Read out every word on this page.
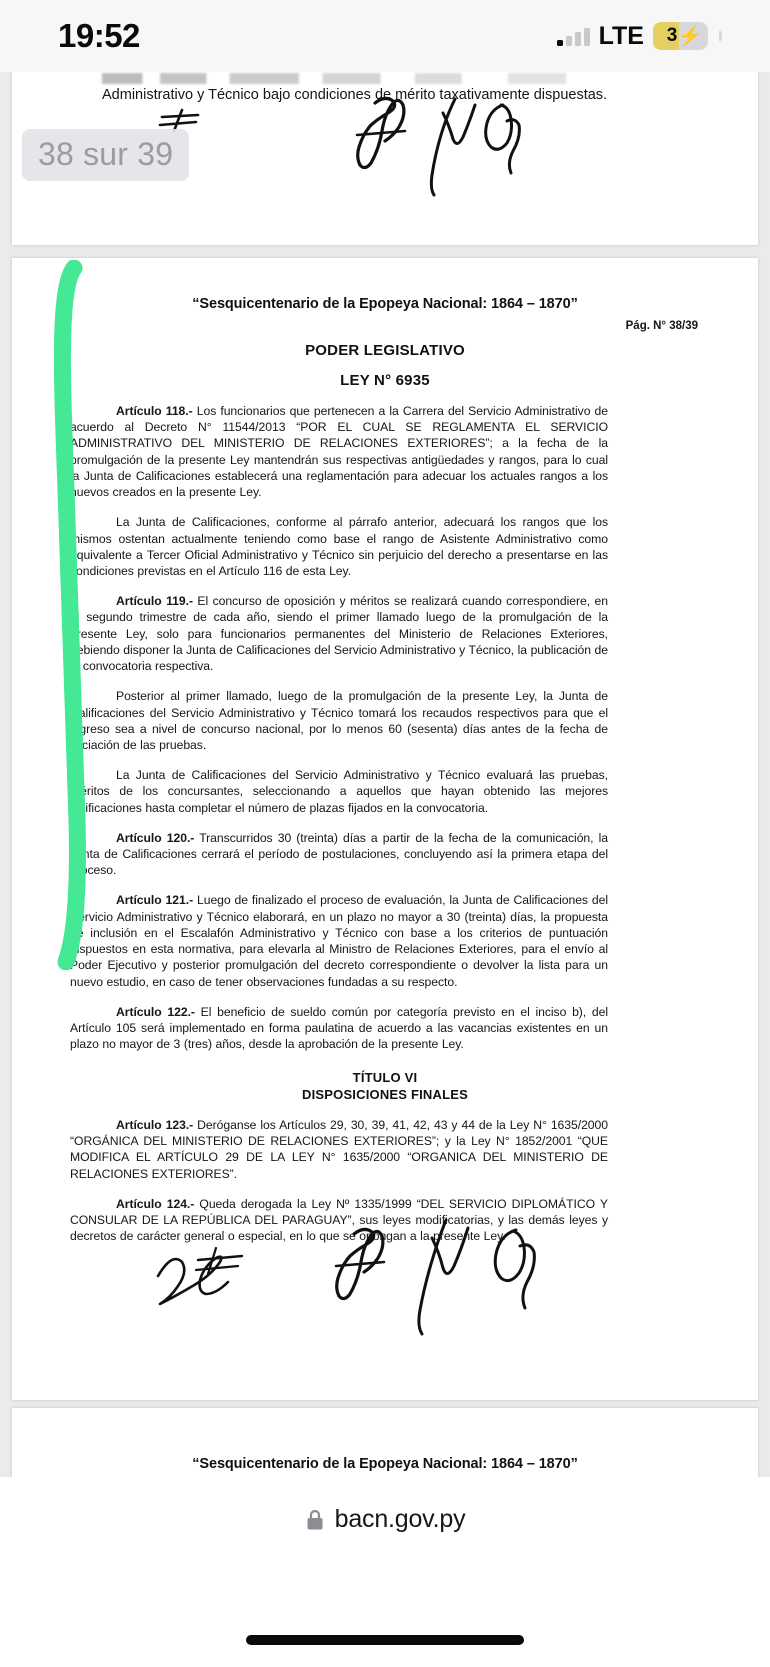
19:52	LTE 3 ⚡
Administrativo y Técnico bajo condiciones de mérito taxativamente dispuestas.
38 sur 39
“Sesquicentenario de la Epopeya Nacional: 1864 – 1870”
Pág. N° 38/39
PODER LEGISLATIVO
LEY N° 6935

Artículo 118.- Los funcionarios que pertenecen a la Carrera del Servicio Administrativo de acuerdo al Decreto N° 11544/2013 “POR EL CUAL SE REGLAMENTA EL SERVICIO ADMINISTRATIVO DEL MINISTERIO DE RELACIONES EXTERIORES”; a la fecha de la promulgación de la presente Ley mantendrán sus respectivas antigüedades y rangos, para lo cual la Junta de Calificaciones establecerá una reglamentación para adecuar los actuales rangos a los nuevos creados en la presente Ley.

La Junta de Calificaciones, conforme al párrafo anterior, adecuará los rangos que los mismos ostentan actualmente teniendo como base el rango de Asistente Administrativo como equivalente a Tercer Oficial Administrativo y Técnico sin perjuicio del derecho a presentarse en las condiciones previstas en el Artículo 116 de esta Ley.

Artículo 119.- El concurso de oposición y méritos se realizará cuando correspondiere, en el segundo trimestre de cada año, siendo el primer llamado luego de la promulgación de la presente Ley, solo para funcionarios permanentes del Ministerio de Relaciones Exteriores, debiendo disponer la Junta de Calificaciones del Servicio Administrativo y Técnico, la publicación de la convocatoria respectiva.

Posterior al primer llamado, luego de la promulgación de la presente Ley, la Junta de Calificaciones del Servicio Administrativo y Técnico tomará los recaudos respectivos para que el ingreso sea a nivel de concurso nacional, por lo menos 60 (sesenta) días antes de la fecha de iniciación de las pruebas.

La Junta de Calificaciones del Servicio Administrativo y Técnico evaluará las pruebas, méritos de los concursantes, seleccionando a aquellos que hayan obtenido las mejores calificaciones hasta completar el número de plazas fijados en la convocatoria.

Artículo 120.- Transcurridos 30 (treinta) días a partir de la fecha de la comunicación, la Junta de Calificaciones cerrará el período de postulaciones, concluyendo así la primera etapa del proceso.

Artículo 121.- Luego de finalizado el proceso de evaluación, la Junta de Calificaciones del Servicio Administrativo y Técnico elaborará, en un plazo no mayor a 30 (treinta) días, la propuesta de inclusión en el Escalafón Administrativo y Técnico con base a los criterios de puntuación dispuestos en esta normativa, para elevarla al Ministro de Relaciones Exteriores, para el envío al Poder Ejecutivo y posterior promulgación del decreto correspondiente o devolver la lista para un nuevo estudio, en caso de tener observaciones fundadas a su respecto.

Artículo 122.- El beneficio de sueldo común por categoría previsto en el inciso b), del Artículo 105 será implementado en forma paulatina de acuerdo a las vacancias existentes en un plazo no mayor de 3 (tres) años, desde la aprobación de la presente Ley.

TÍTULO VI
DISPOSICIONES FINALES

Artículo 123.- Deróganse los Artículos 29, 30, 39, 41, 42, 43 y 44 de la Ley N° 1635/2000 “ORGÁNICA DEL MINISTERIO DE RELACIONES EXTERIORES”; y la Ley N° 1852/2001 “QUE MODIFICA EL ARTÍCULO 29 DE LA LEY N° 1635/2000 “ORGANICA DEL MINISTERIO DE RELACIONES EXTERIORES”.

Artículo 124.- Queda derogada la Ley Nº 1335/1999 “DEL SERVICIO DIPLOMÁTICO Y CONSULAR DE LA REPÚBLICA DEL PARAGUAY”, sus leyes modificatorias, y las demás leyes y decretos de carácter general o especial, en lo que se opongan a la presente Ley.

“Sesquicentenario de la Epopeya Nacional: 1864 – 1870”
bacn.gov.py
